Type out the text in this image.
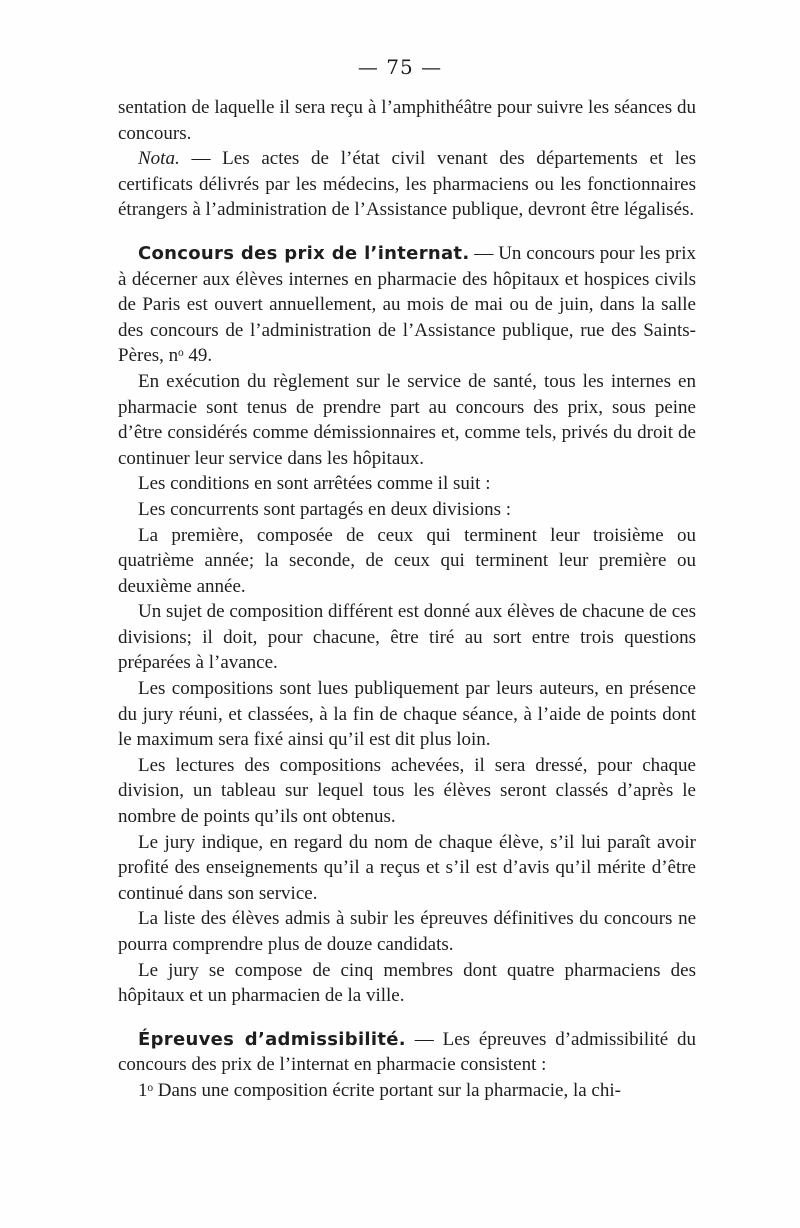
— 75 —

sentation de laquelle il sera reçu à l’amphithéâtre pour suivre les séances du concours.

Nota. — Les actes de l’état civil venant des départements et les certificats délivrés par les médecins, les pharmaciens ou les fonctionnaires étrangers à l’administration de l’Assistance publique, devront être légalisés.

Concours des prix de l’internat. — Un concours pour les prix à décerner aux élèves internes en pharmacie des hôpitaux et hospices civils de Paris est ouvert annuellement, au mois de mai ou de juin, dans la salle des concours de l’administration de l’Assistance publique, rue des Saints-Pères, nᵒ 49.

En exécution du règlement sur le service de santé, tous les internes en pharmacie sont tenus de prendre part au concours des prix, sous peine d’être considérés comme démissionnaires et, comme tels, privés du droit de continuer leur service dans les hôpitaux.

Les conditions en sont arrêtées comme il suit :

Les concurrents sont partagés en deux divisions :

La première, composée de ceux qui terminent leur troisième ou quatrième année; la seconde, de ceux qui terminent leur première ou deuxième année.

Un sujet de composition différent est donné aux élèves de chacune de ces divisions; il doit, pour chacune, être tiré au sort entre trois questions préparées à l’avance.

Les compositions sont lues publiquement par leurs auteurs, en présence du jury réuni, et classées, à la fin de chaque séance, à l’aide de points dont le maximum sera fixé ainsi qu’il est dit plus loin.

Les lectures des compositions achevées, il sera dressé, pour chaque division, un tableau sur lequel tous les élèves seront classés d’après le nombre de points qu’ils ont obtenus.

Le jury indique, en regard du nom de chaque élève, s’il lui paraît avoir profité des enseignements qu’il a reçus et s’il est d’avis qu’il mérite d’être continué dans son service.

La liste des élèves admis à subir les épreuves définitives du concours ne pourra comprendre plus de douze candidats.

Le jury se compose de cinq membres dont quatre pharmaciens des hôpitaux et un pharmacien de la ville.

Épreuves d’admissibilité. — Les épreuves d’admissibilité du concours des prix de l’internat en pharmacie consistent :

1ᵒ Dans une composition écrite portant sur la pharmacie, la chi-
